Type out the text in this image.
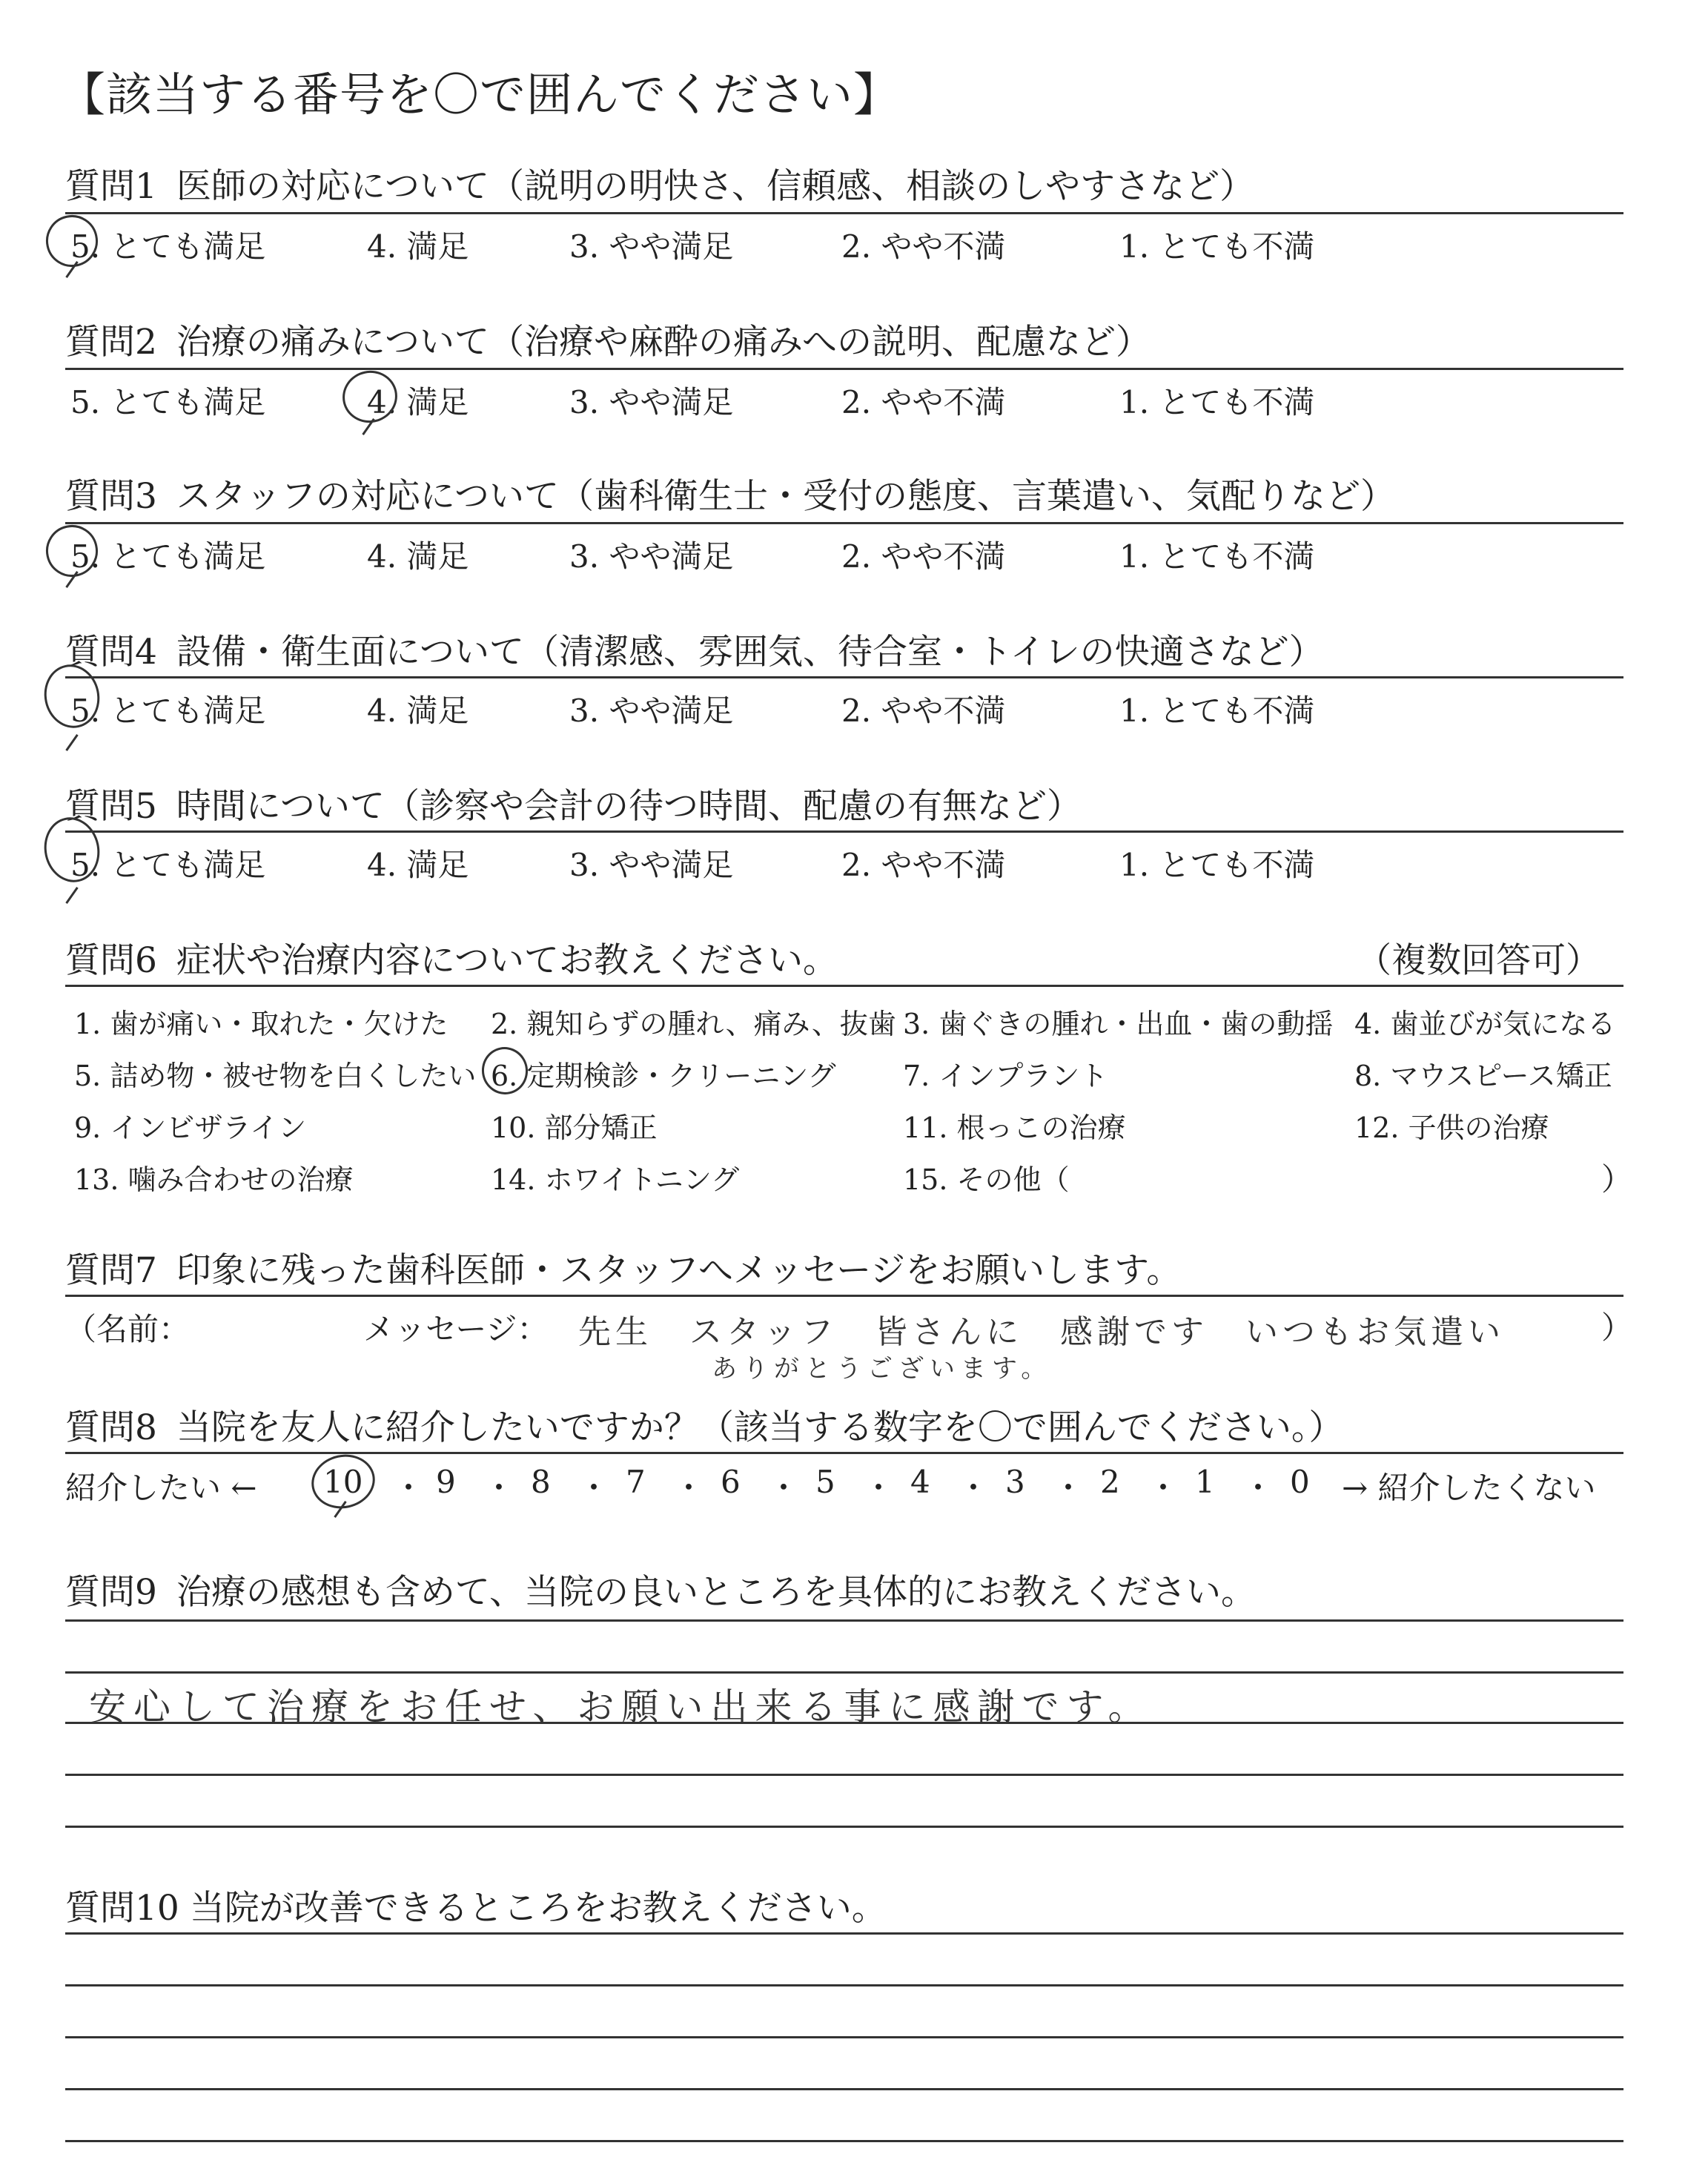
【該当する番号を〇で囲んでください】
質問1 医師の対応について（説明の明快さ、信頼感、相談のしやすさなど）
5. とても満足	4. 満足	3. やや満足	2. やや不満	1. とても不満
質問2 治療の痛みについて（治療や麻酔の痛みへの説明、配慮など）
5. とても満足	4. 満足	3. やや満足	2. やや不満	1. とても不満
質問3 スタッフの対応について（歯科衛生士・受付の態度、言葉遣い、気配りなど）
5. とても満足	4. 満足	3. やや満足	2. やや不満	1. とても不満
質問4 設備・衛生面について（清潔感、雰囲気、待合室・トイレの快適さなど）
5. とても満足	4. 満足	3. やや満足	2. やや不満	1. とても不満
質問5 時間について（診察や会計の待つ時間、配慮の有無など）
5. とても満足	4. 満足	3. やや満足	2. やや不満	1. とても不満
質問6 症状や治療内容についてお教えください。	（複数回答可）
1. 歯が痛い・取れた・欠けた 2. 親知らずの腫れ、痛み、抜歯 3. 歯ぐきの腫れ・出血・歯の動揺 4. 歯並びが気になる
5. 詰め物・被せ物を白くしたい 6. 定期検診・クリーニング 7. インプラント	8. マウスピース矯正
9. インビザライン	10. 部分矯正	11. 根っこの治療	12. 子供の治療
13. 噛み合わせの治療	14. ホワイトニング	15. その他（	）
質問7 印象に残った歯科医師・スタッフへメッセージをお願いします。
（名前：	メッセージ： 先生　スタッフ　皆さんに　感謝です　いつもお気遣い
ありがとうございます。
）
質問8 当院を友人に紹介したいですか？（該当する数字を〇で囲んでください。）
紹介したい ← 10 ・ 9 ・ 8 ・ 7 ・ 6 ・ 5 ・ 4 ・ 3 ・ 2 ・ 1 ・ 0 → 紹介したくない
質問9 治療の感想も含めて、当院の良いところを具体的にお教えください。
安心して治療をお任せ、お願い出来る事に感謝です。
質問10 当院が改善できるところをお教えください。
